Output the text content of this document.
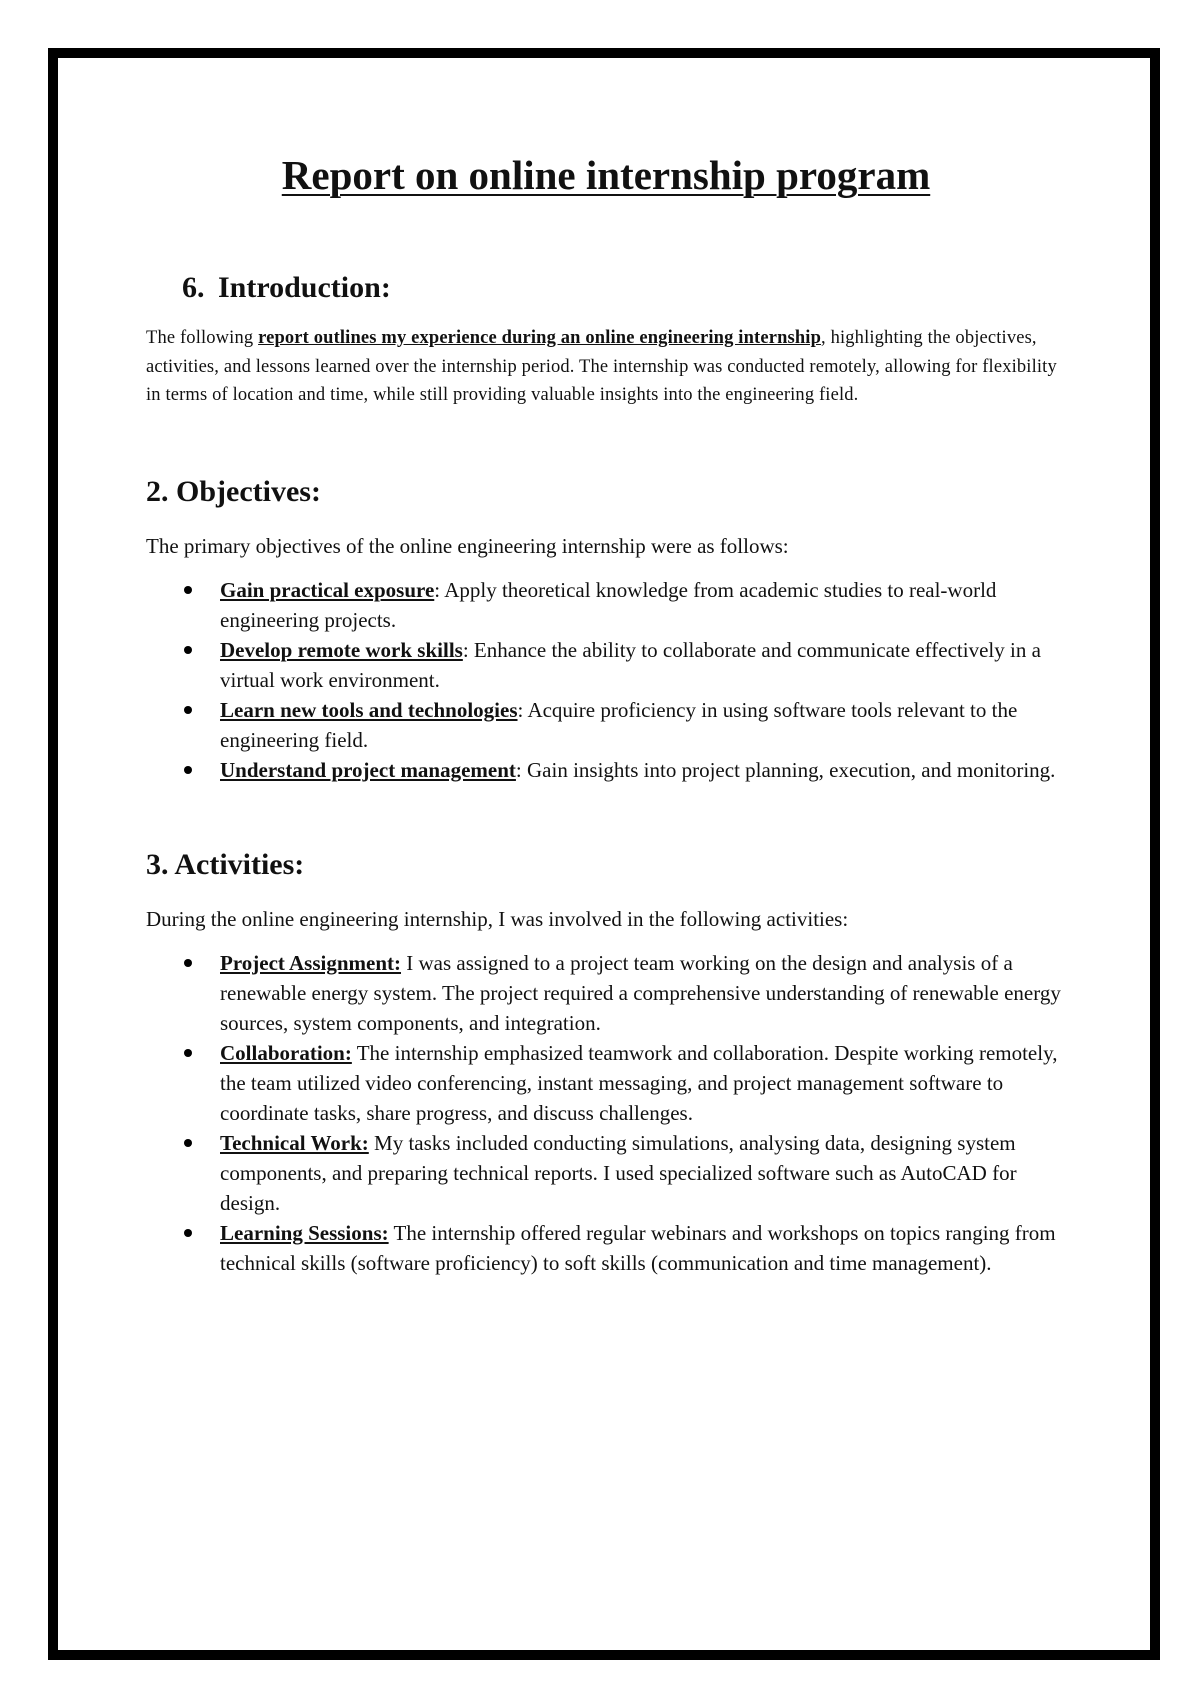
Report on online internship program
6. Introduction:

The following report outlines my experience during an online engineering internship, highlighting the objectives, activities, and lessons learned over the internship period. The internship was conducted remotely, allowing for flexibility in terms of location and time, while still providing valuable insights into the engineering field.

2. Objectives:

The primary objectives of the online engineering internship were as follows:

Gain practical exposure: Apply theoretical knowledge from academic studies to real-world engineering projects.
Develop remote work skills: Enhance the ability to collaborate and communicate effectively in a virtual work environment.
Learn new tools and technologies: Acquire proficiency in using software tools relevant to the engineering field.
Understand project management: Gain insights into project planning, execution, and monitoring.
3. Activities:

During the online engineering internship, I was involved in the following activities:

Project Assignment: I was assigned to a project team working on the design and analysis of a renewable energy system. The project required a comprehensive understanding of renewable energy sources, system components, and integration.
Collaboration: The internship emphasized teamwork and collaboration. Despite working remotely, the team utilized video conferencing, instant messaging, and project management software to coordinate tasks, share progress, and discuss challenges.
Technical Work: My tasks included conducting simulations, analysing data, designing system components, and preparing technical reports. I used specialized software such as AutoCAD for design.
Learning Sessions: The internship offered regular webinars and workshops on topics ranging from technical skills (software proficiency) to soft skills (communication and time management).
